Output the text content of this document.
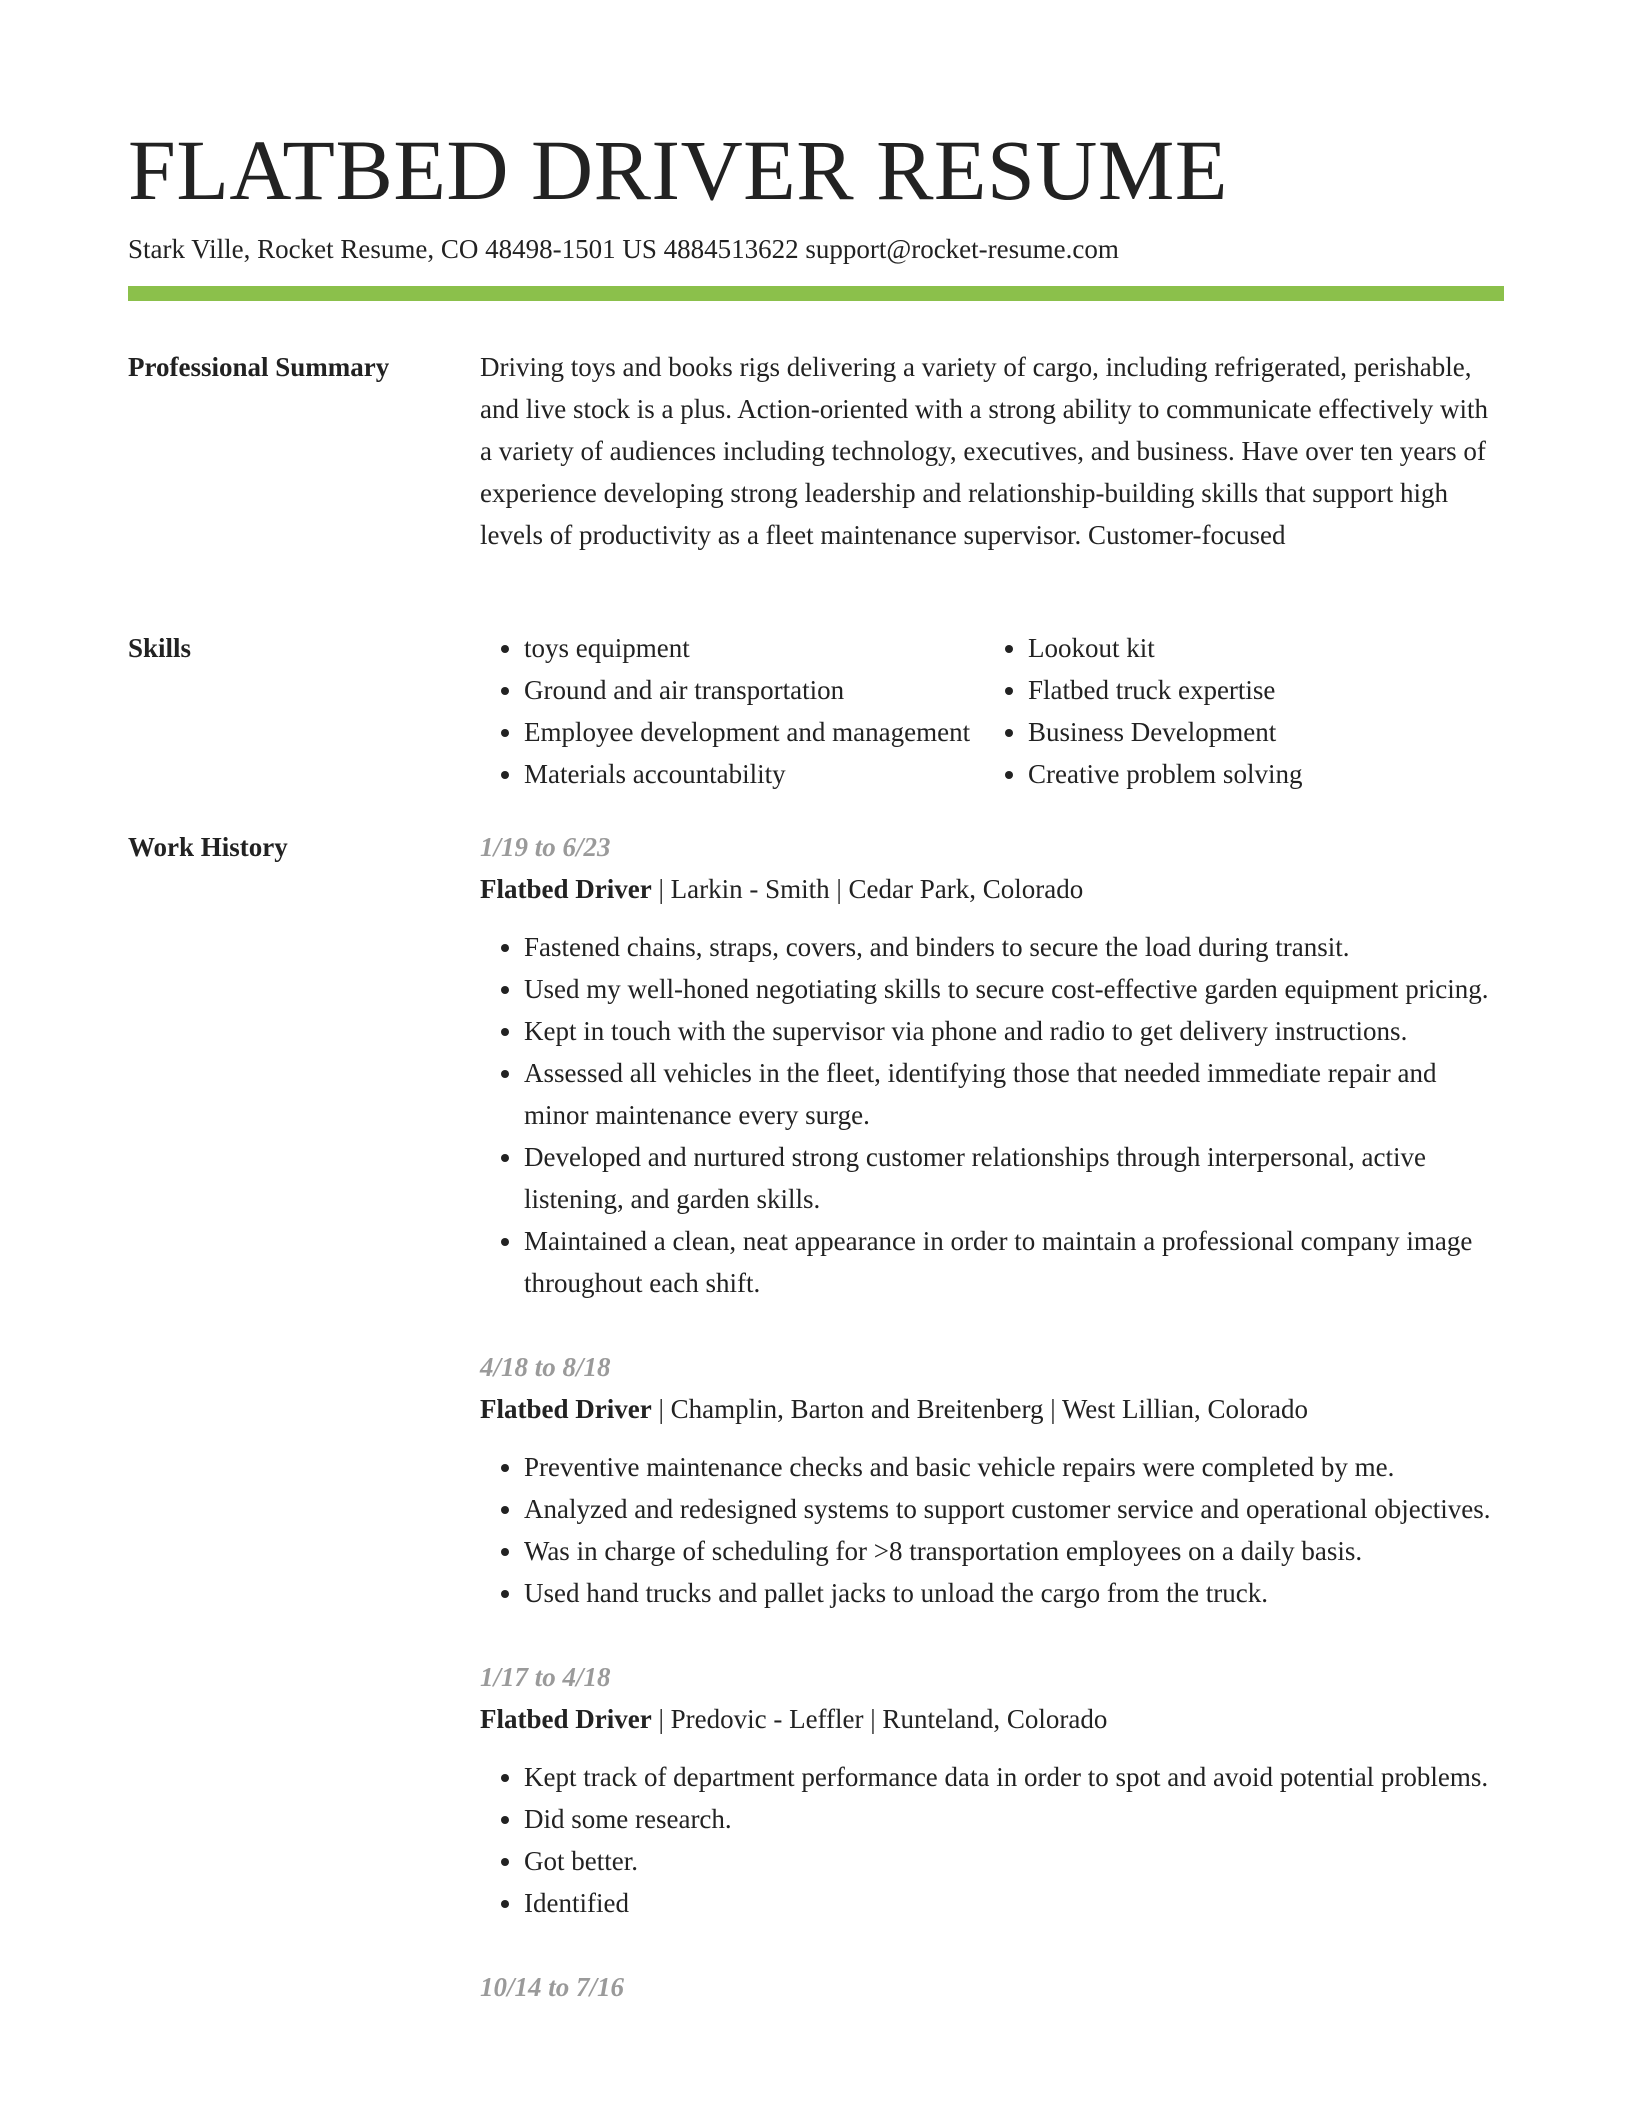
FLATBED DRIVER RESUME
Stark Ville, Rocket Resume, CO 48498-1501 US 4884513622 support@rocket-resume.com
Professional Summary	Driving toys and books rigs delivering a variety of cargo, including refrigerated, perishable, and live stock is a plus. Action-oriented with a strong ability to communicate effectively with a variety of audiences including technology, executives, and business. Have over ten years of experience developing strong leadership and relationship-building skills that support high levels of productivity as a fleet maintenance supervisor. Customer-focused

Skills
•	toys equipment
• Ground and air transportation
• Employee development and management
• Materials accountability
• Lookout kit
• Flatbed truck expertise
• Business Development
• Creative problem solving
Work History	1/19 to 6/23
Flatbed Driver | Larkin - Smith | Cedar Park, Colorado
• Fastened chains, straps, covers, and binders to secure the load during transit.
• Used my well-honed negotiating skills to secure cost-effective garden equipment pricing.
• Kept in touch with the supervisor via phone and radio to get delivery instructions.
• Assessed all vehicles in the fleet, identifying those that needed immediate repair and minor maintenance every surge.
• Developed and nurtured strong customer relationships through interpersonal, active listening, and garden skills.
• Maintained a clean, neat appearance in order to maintain a professional company image throughout each shift.
4/18 to 8/18
Flatbed Driver | Champlin, Barton and Breitenberg | West Lillian, Colorado
• Preventive maintenance checks and basic vehicle repairs were completed by me.
• Analyzed and redesigned systems to support customer service and operational objectives.
• Was in charge of scheduling for >8 transportation employees on a daily basis.
• Used hand trucks and pallet jacks to unload the cargo from the truck.
1/17 to 4/18
Flatbed Driver | Predovic - Leffler | Runteland, Colorado
• Kept track of department performance data in order to spot and avoid potential problems.
• Did some research.
• Got better.
• Identified
10/14 to 7/16
